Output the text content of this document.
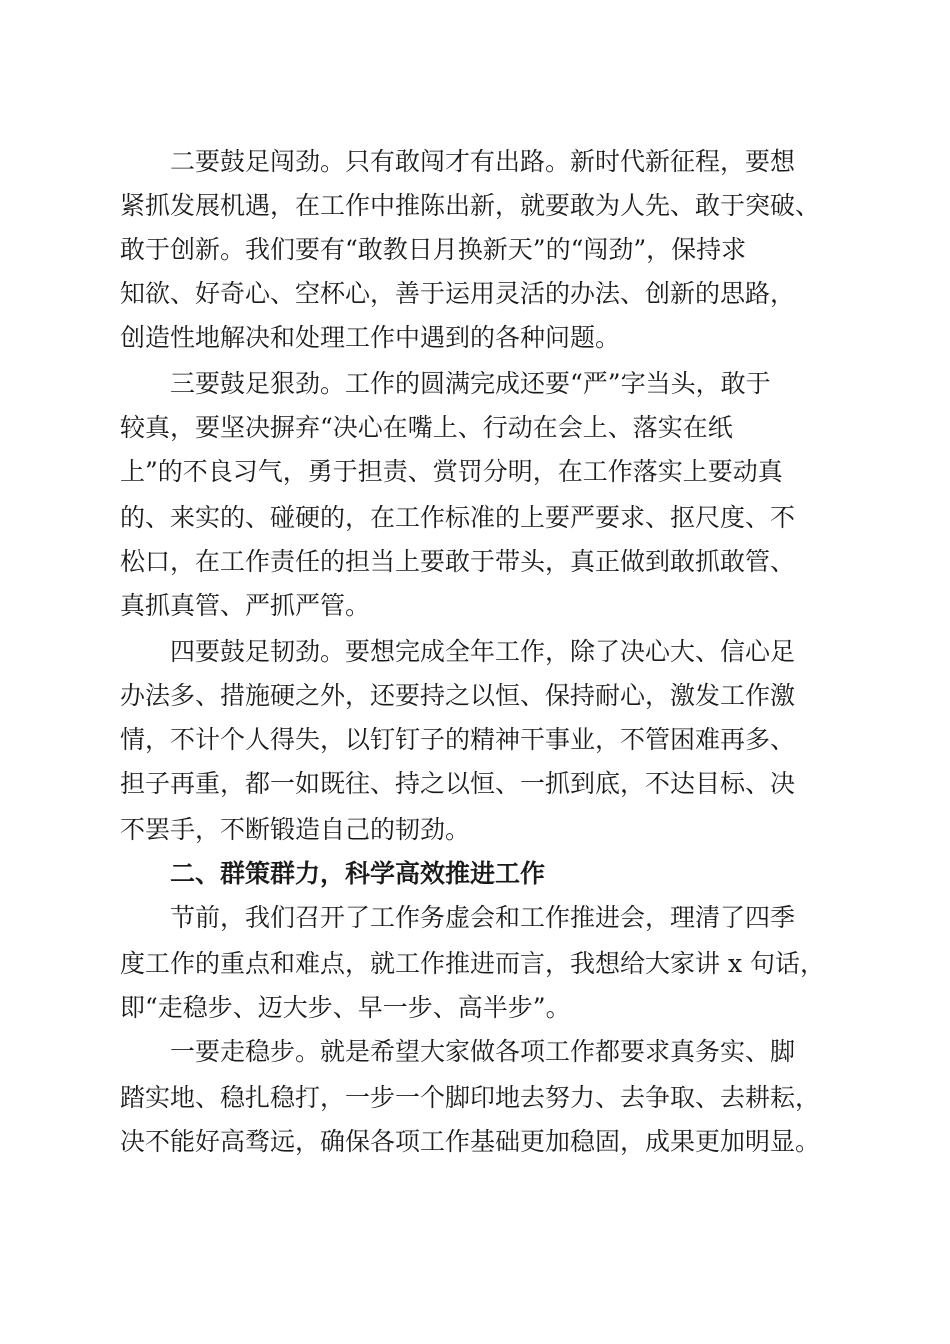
二要鼓足闯劲。只有敢闯才有出路。新时代新征程，要想

紧抓发展机遇，在工作中推陈出新，就要敢为人先、敢于突破、

敢于创新。我们要有“敢教日月换新天”的“闯劲”，保持求

知欲、好奇心、空杯心，善于运用灵活的办法、创新的思路，

创造性地解决和处理工作中遇到的各种问题。

三要鼓足狠劲。工作的圆满完成还要“严”字当头，敢于

较真，要坚决摒弃“决心在嘴上、行动在会上、落实在纸

上”的不良习气，勇于担责、赏罚分明，在工作落实上要动真

的、来实的、碰硬的，在工作标准的上要严要求、抠尺度、不

松口，在工作责任的担当上要敢于带头，真正做到敢抓敢管、

真抓真管、严抓严管。

四要鼓足韧劲。要想完成全年工作，除了决心大、信心足

办法多、措施硬之外，还要持之以恒、保持耐心，激发工作激

情，不计个人得失，以钉钉子的精神干事业，不管困难再多、

担子再重，都一如既往、持之以恒、一抓到底，不达目标、决

不罢手，不断锻造自己的韧劲。

二、群策群力，科学高效推进工作

节前，我们召开了工作务虚会和工作推进会，理清了四季

度工作的重点和难点，就工作推进而言，我想给大家讲 x 句话，

即“走稳步、迈大步、早一步、高半步”。

一要走稳步。就是希望大家做各项工作都要求真务实、脚

踏实地、稳扎稳打，一步一个脚印地去努力、去争取、去耕耘，

决不能好高骛远，确保各项工作基础更加稳固，成果更加明显。
